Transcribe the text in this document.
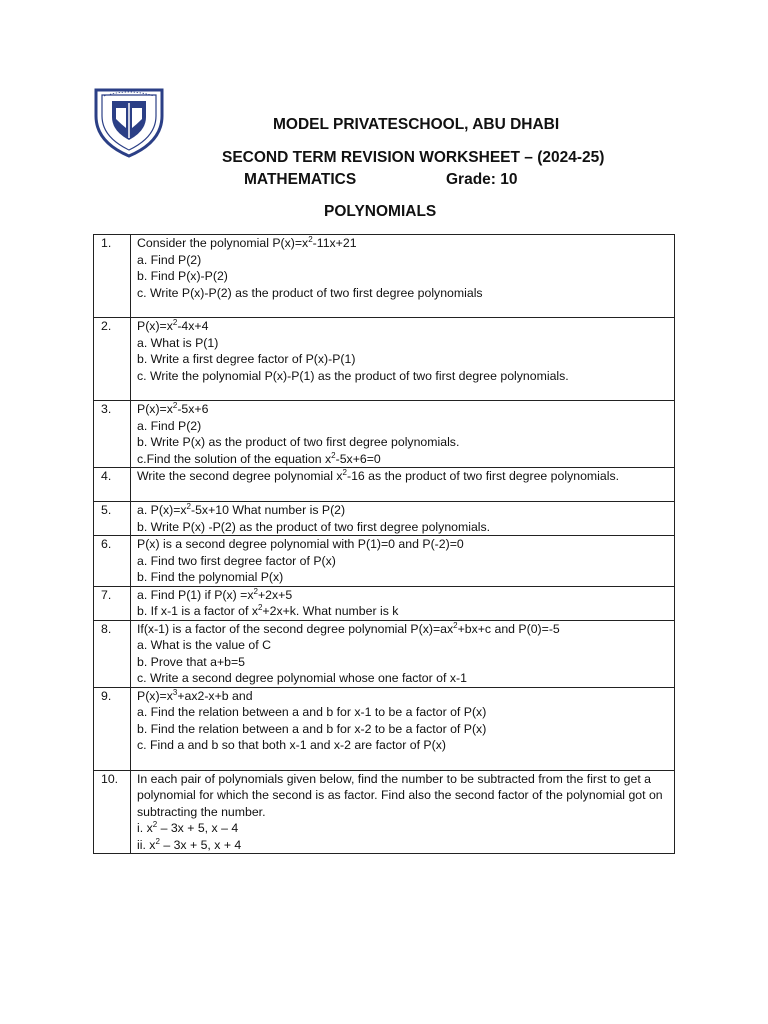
MODEL PRIVATESCHOOL, ABU DHABI
SECOND TERM REVISION WORKSHEET – (2024-25)
MATHEMATICS	Grade: 10
POLYNOMIALS
1.	Consider the polynomial $P(x)=x^2-11x+21$
a. Find P(2)
b. Find P(x)-P(2)
c. Write P(x)-P(2) as the product of two first degree polynomials

2.	$P(x)=x^2-4x+4$
a. What is P(1)
b. Write a first degree factor of P(x)-P(1)
c. Write the polynomial P(x)-P(1) as the product of two first degree polynomials.

3.	$P(x)=x^2-5x+6$
a. Find P(2)
b. Write P(x) as the product of two first degree polynomials.
c.Find the solution of the equation $x^2-5x+6=0$

4.	Write the second degree polynomial $x^2-16$ as the product of two first degree polynomials.

5.	a. $P(x)=x^2-5x+10$ What number is P(2)
b. Write P(x) -P(2) as the product of two first degree polynomials.

6.	P(x) is a second degree polynomial with P(1)=0 and P(-2)=0
a. Find two first degree factor of P(x)
b. Find the polynomial P(x)

7.	a. Find P(1) if $P(x) =x^2+2x+5$
b. If x-1 is a factor of $x^2+2x+k$. What number is k

8.	If(x-1) is a factor of the second degree polynomial $P(x)=ax^2+bx+c$ and P(0)=-5
a. What is the value of C
b. Prove that a+b=5
c. Write a second degree polynomial whose one factor of x-1

9.	$P(x)=x^3+ax2-x+b$ and
a. Find the relation between a and b for x-1 to be a factor of P(x)
b. Find the relation between a and b for x-2 to be a factor of P(x)
c. Find a and b so that both x-1 and x-2 are factor of P(x)

10.	In each pair of polynomials given below, find the number to be subtracted from the first to get a polynomial for which the second is as factor. Find also the second factor of the polynomial got on subtracting the number.
i. $x^2 - 3x + 5$, x – 4
ii. $x^2 - 3x + 5$, x + 4
